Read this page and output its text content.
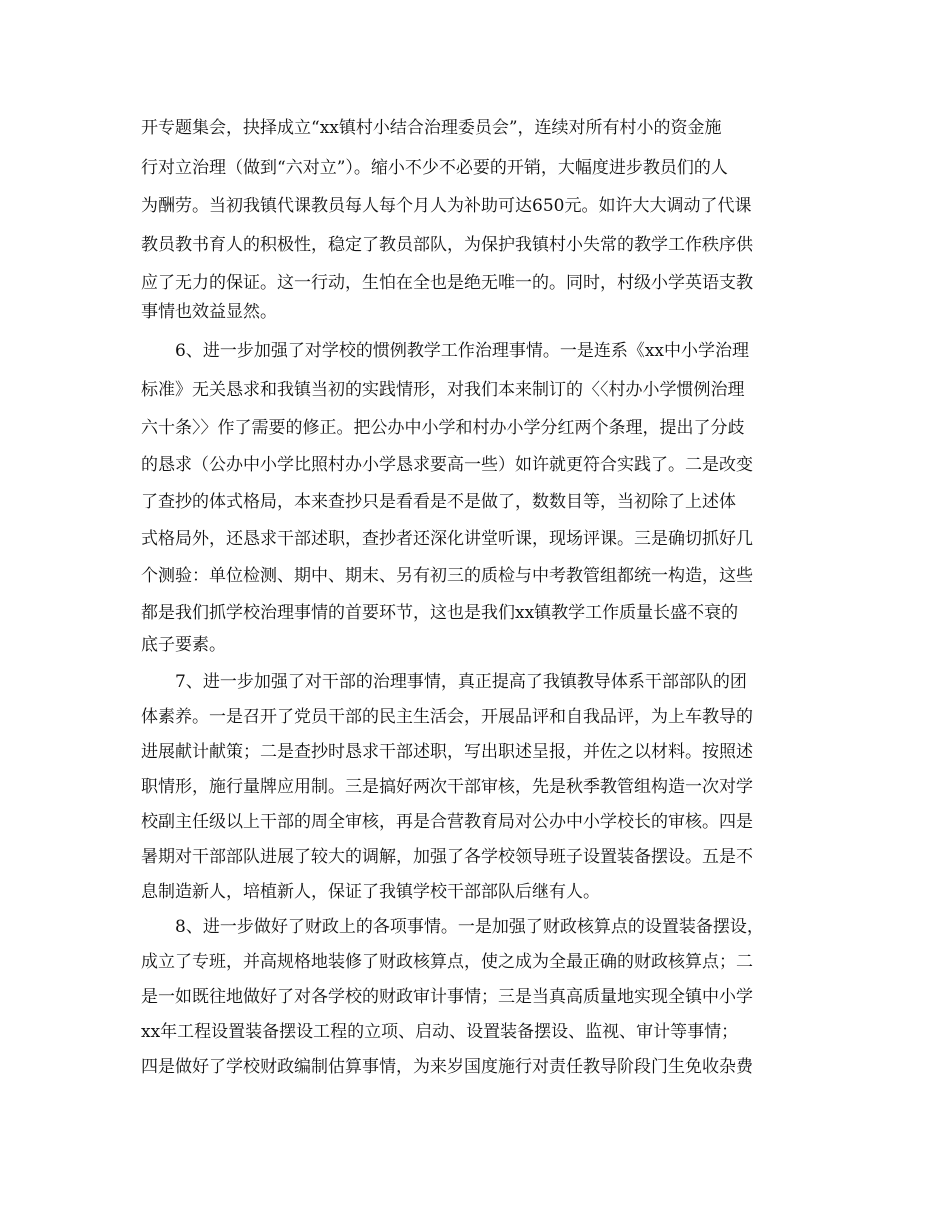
开专题集会，抉择成立“xx镇村小结合治理委员会”，连续对所有村小的资金施
行对立治理（做到“六对立”）。缩小不少不必要的开销，大幅度进步教员们的人
为酬劳。当初我镇代课教员每人每个月人为补助可达650元。如许大大调动了代课
教员教书育人的积极性，稳定了教员部队，为保护我镇村小失常的教学工作秩序供
应了无力的保证。这一行动，生怕在全也是绝无唯一的。同时，村级小学英语支教
事情也效益显然。
　　6、进一步加强了对学校的惯例教学工作治理事情。一是连系《xx中小学治理
标准》无关恳求和我镇当初的实践情形，对我们本来制订的〈〈村办小学惯例治理
六十条〉〉作了需要的修正。把公办中小学和村办小学分红两个条理，提出了分歧
的恳求（公办中小学比照村办小学恳求要高一些）如许就更符合实践了。二是改变
了查抄的体式格局，本来查抄只是看看是不是做了，数数目等，当初除了上述体
式格局外，还恳求干部述职，查抄者还深化讲堂听课，现场评课。三是确切抓好几
个测验：单位检测、期中、期末、另有初三的质检与中考教管组都统一构造，这些
都是我们抓学校治理事情的首要环节，这也是我们xx镇教学工作质量长盛不衰的
底子要素。
　　7、进一步加强了对干部的治理事情，真正提高了我镇教导体系干部部队的团
体素养。一是召开了党员干部的民主生活会，开展品评和自我品评，为上车教导的
进展献计献策；二是查抄时恳求干部述职，写出职述呈报，并佐之以材料。按照述
职情形，施行量牌应用制。三是搞好两次干部审核，先是秋季教管组构造一次对学
校副主任级以上干部的周全审核，再是合营教育局对公办中小学校长的审核。四是
暑期对干部部队进展了较大的调解，加强了各学校领导班子设置装备摆设。五是不
息制造新人，培植新人，保证了我镇学校干部部队后继有人。
　　8、进一步做好了财政上的各项事情。一是加强了财政核算点的设置装备摆设，
成立了专班，并高规格地装修了财政核算点，使之成为全最正确的财政核算点；二
是一如既往地做好了对各学校的财政审计事情；三是当真高质量地实现全镇中小学
xx年工程设置装备摆设工程的立项、启动、设置装备摆设、监视、审计等事情；
四是做好了学校财政编制估算事情，为来岁国度施行对责任教导阶段门生免收杂费
